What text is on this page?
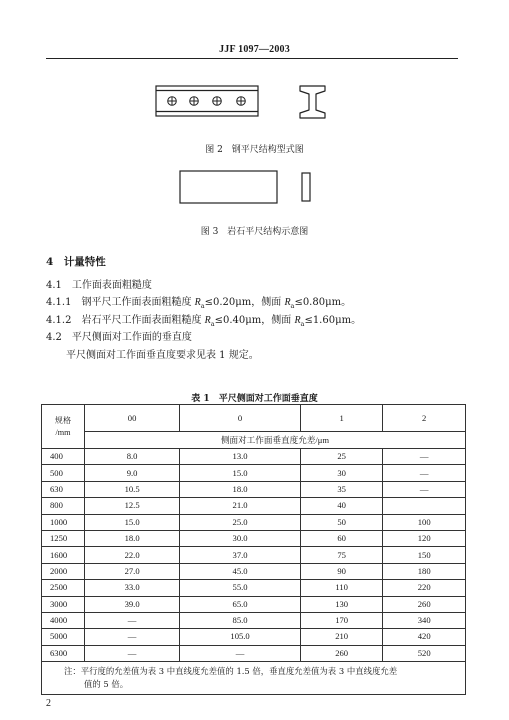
JJF 1097—2003
图 2　钢平尺结构型式图
图 3　岩石平尺结构示意图
4　计量特性
4.1　工作面表面粗糙度
4.1.1　钢平尺工作面表面粗糙度 $R_a\le 0.20\mu m$，侧面 $R_a\le 0.80\mu m$。
4.1.2　岩石平尺工作面表面粗糙度 $R_a\le 0.40\mu m$，侧面 $R_a\le 1.60\mu m$。
4.2　平尺侧面对工作面的垂直度
平尺侧面对工作面垂直度要求见表 1 规定。
表 1　平尺侧面对工作面垂直度
规格
/mm	00	0	1	2
	侧面对工作面垂直度允差/μm			
400	8.0	13.0	25	—
500	9.0	15.0	30	—
630	10.5	18.0	35	—
800	12.5	21.0	40	
1000	15.0	25.0	50	100
1250	18.0	30.0	60	120
1600	22.0	37.0	75	150
2000	27.0	45.0	90	180
2500	33.0	55.0	110	220
3000	39.0	65.0	130	260
4000	—	85.0	170	340
5000	—	105.0	210	420
6300	—	—	260	520
注：平行度的允差值为表 3 中直线度允差值的 1.5 倍，垂直度允差值为表 3 中直线度允差
值的 5 倍。				
2
